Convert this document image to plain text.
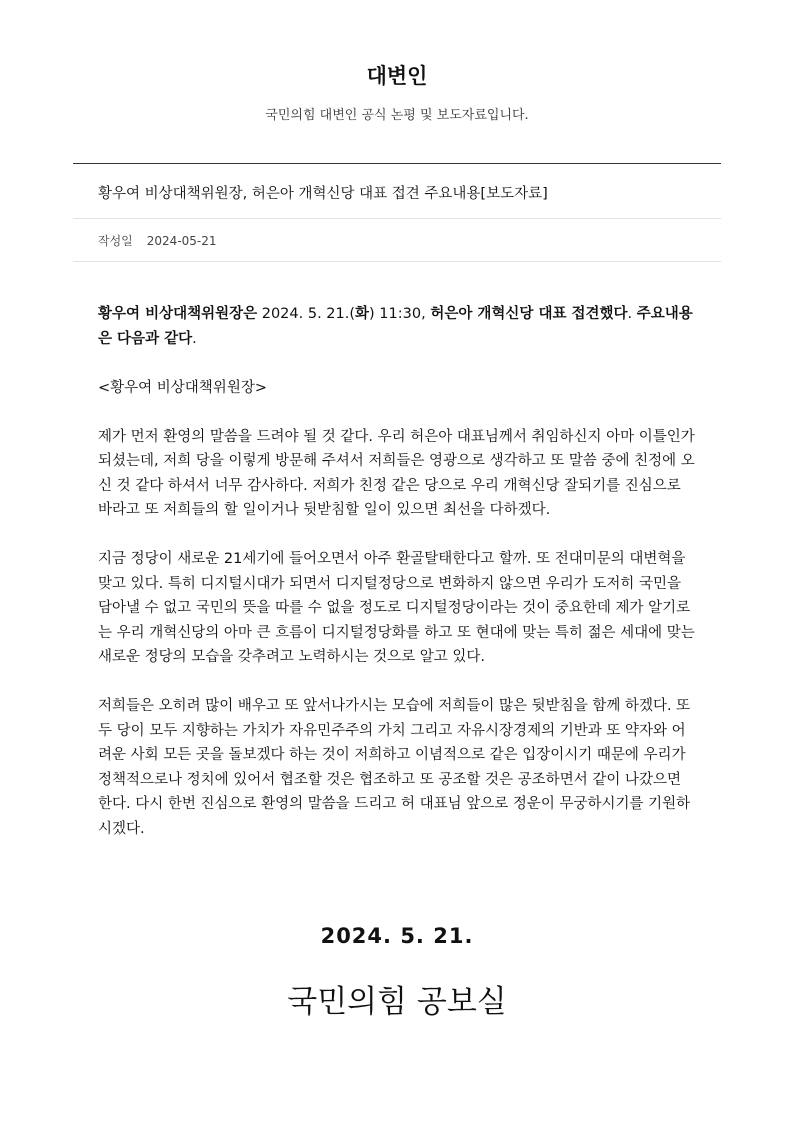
대변인
국민의힘 대변인 공식 논평 및 보도자료입니다.
황우여 비상대책위원장, 허은아 개혁신당 대표 접견 주요내용[보도자료]
작성일 2024-05-21

황우여 비상대책위원장은 2024. 5. 21.(화) 11:30, 허은아 개혁신당 대표 접견했다. 주요내용은 다음과 같다.

<황우여 비상대책위원장>

제가 먼저 환영의 말씀을 드려야 될 것 같다. 우리 허은아 대표님께서 취임하신지 아마 이틀인가 되셨는데, 저희 당을 이렇게 방문해 주셔서 저희들은 영광으로 생각하고 또 말씀 중에 친정에 오신 것 같다 하셔서 너무 감사하다. 저희가 친정 같은 당으로 우리 개혁신당 잘되기를 진심으로 바라고 또 저희들의 할 일이거나 뒷받침할 일이 있으면 최선을 다하겠다.

지금 정당이 새로운 21세기에 들어오면서 아주 환골탈태한다고 할까. 또 전대미문의 대변혁을 맞고 있다. 특히 디지털시대가 되면서 디지털정당으로 변화하지 않으면 우리가 도저히 국민을 담아낼 수 없고 국민의 뜻을 따를 수 없을 정도로 디지털정당이라는 것이 중요한데 제가 알기로는 우리 개혁신당의 아마 큰 흐름이 디지털정당화를 하고 또 현대에 맞는 특히 젊은 세대에 맞는 새로운 정당의 모습을 갖추려고 노력하시는 것으로 알고 있다.

저희들은 오히려 많이 배우고 또 앞서나가시는 모습에 저희들이 많은 뒷받침을 함께 하겠다. 또 두 당이 모두 지향하는 가치가 자유민주주의 가치 그리고 자유시장경제의 기반과 또 약자와 어려운 사회 모든 곳을 돌보겠다 하는 것이 저희하고 이념적으로 같은 입장이시기 때문에 우리가 정책적으로나 정치에 있어서 협조할 것은 협조하고 또 공조할 것은 공조하면서 같이 나갔으면 한다. 다시 한번 진심으로 환영의 말씀을 드리고 허 대표님 앞으로 정운이 무궁하시기를 기원하시겠다.

2024. 5. 21.
국민의힘 공보실
